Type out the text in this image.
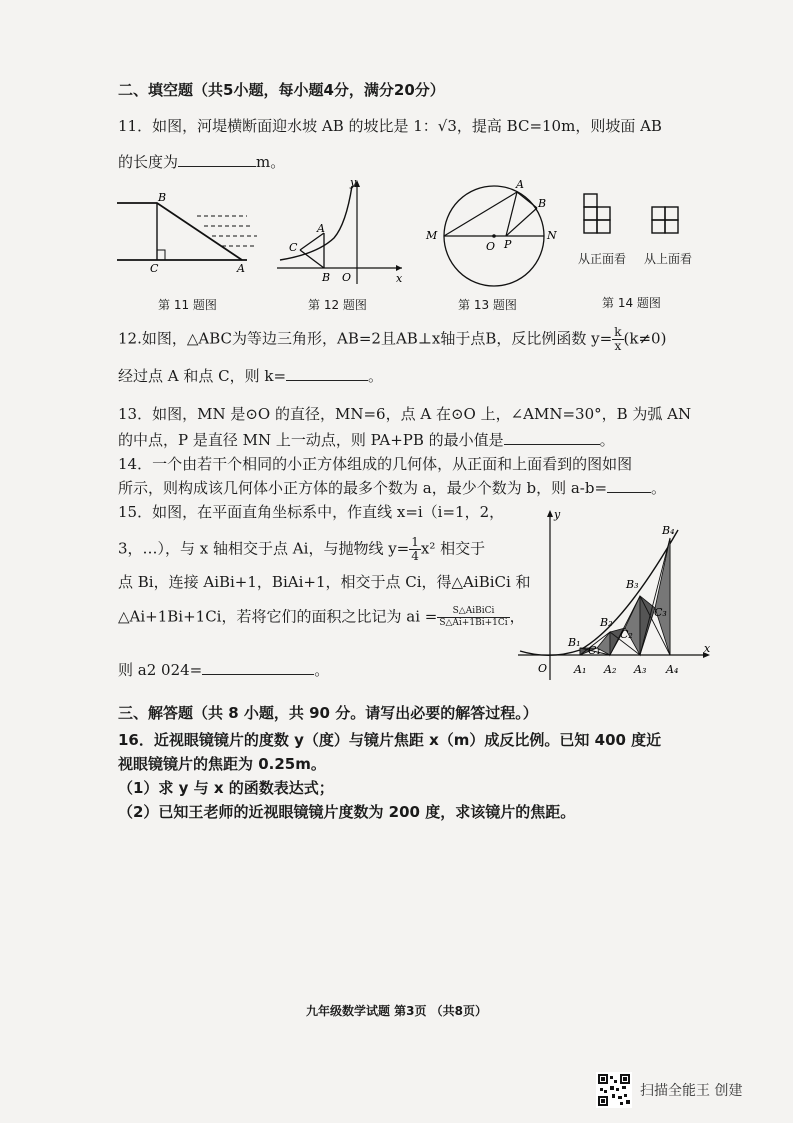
二、填空题（共5小题，每小题4分，满分20分）
11．如图，河堤横断面迎水坡 AB 的坡比是 1：√3，提高 BC=10m，则坡面 AB
的长度为	m。
B
C	A
第 11 题图
y
A
C
B O	x
第 12 题图
M
O P
N
A
B
第 13 题图
从正面看 从上面看
第 14 题图
12.如图，△ABC为等边三角形，AB=2且AB⊥x轴于点B，反比例函数 $y= \frac{k}{x} (k\ne 0)$
经过点 A 和点 C，则 k=	。
13．如图，MN 是⊙O 的直径，MN=6，点 A 在⊙O 上，∠AMN=30°，B 为弧 AN
的中点，P 是直径 MN 上一动点，则 PA+PB 的最小值是	。
14．一个由若干个相同的小正方体组成的几何体，从正面和上面看到的图如图
所示，则构成该几何体小正方体的最多个数为 a，最少个数为 b，则 a-b=	。
15．如图，在平面直角坐标系中，作直线 x=i（i=1，2，
3，…），与 x 轴相交于点 Ai，与抛物线 $y= \frac{1}{4} x^2$ 相交于
点 Bi，连接 AiBi+1，BiAi+1，相交于点 Ci，得△AiBiCi 和
△Ai+1Bi+1Ci，若将它们的面积之比记为 ai = $\frac{\text{S△AiBiCi}}{S\triangle Ai+1Bi+1Ci}$ ，
则 a2 024=	。
y
x
O A₁ A₂ A₃ A₄
B₁
B₂
B₃
B₄
C₁
C₂
C₃
三、解答题（共 8 小题，共 90 分。请写出必要的解答过程。）
16．近视眼镜镜片的度数 y（度）与镜片焦距 x（m）成反比例。已知 400 度近
视眼镜镜片的焦距为 0.25m。
（1）求 y 与 x 的函数表达式；
（2）已知王老师的近视眼镜镜片度数为 200 度，求该镜片的焦距。
九年级数学试题 第3页 （共8页）
扫描全能王 创建
